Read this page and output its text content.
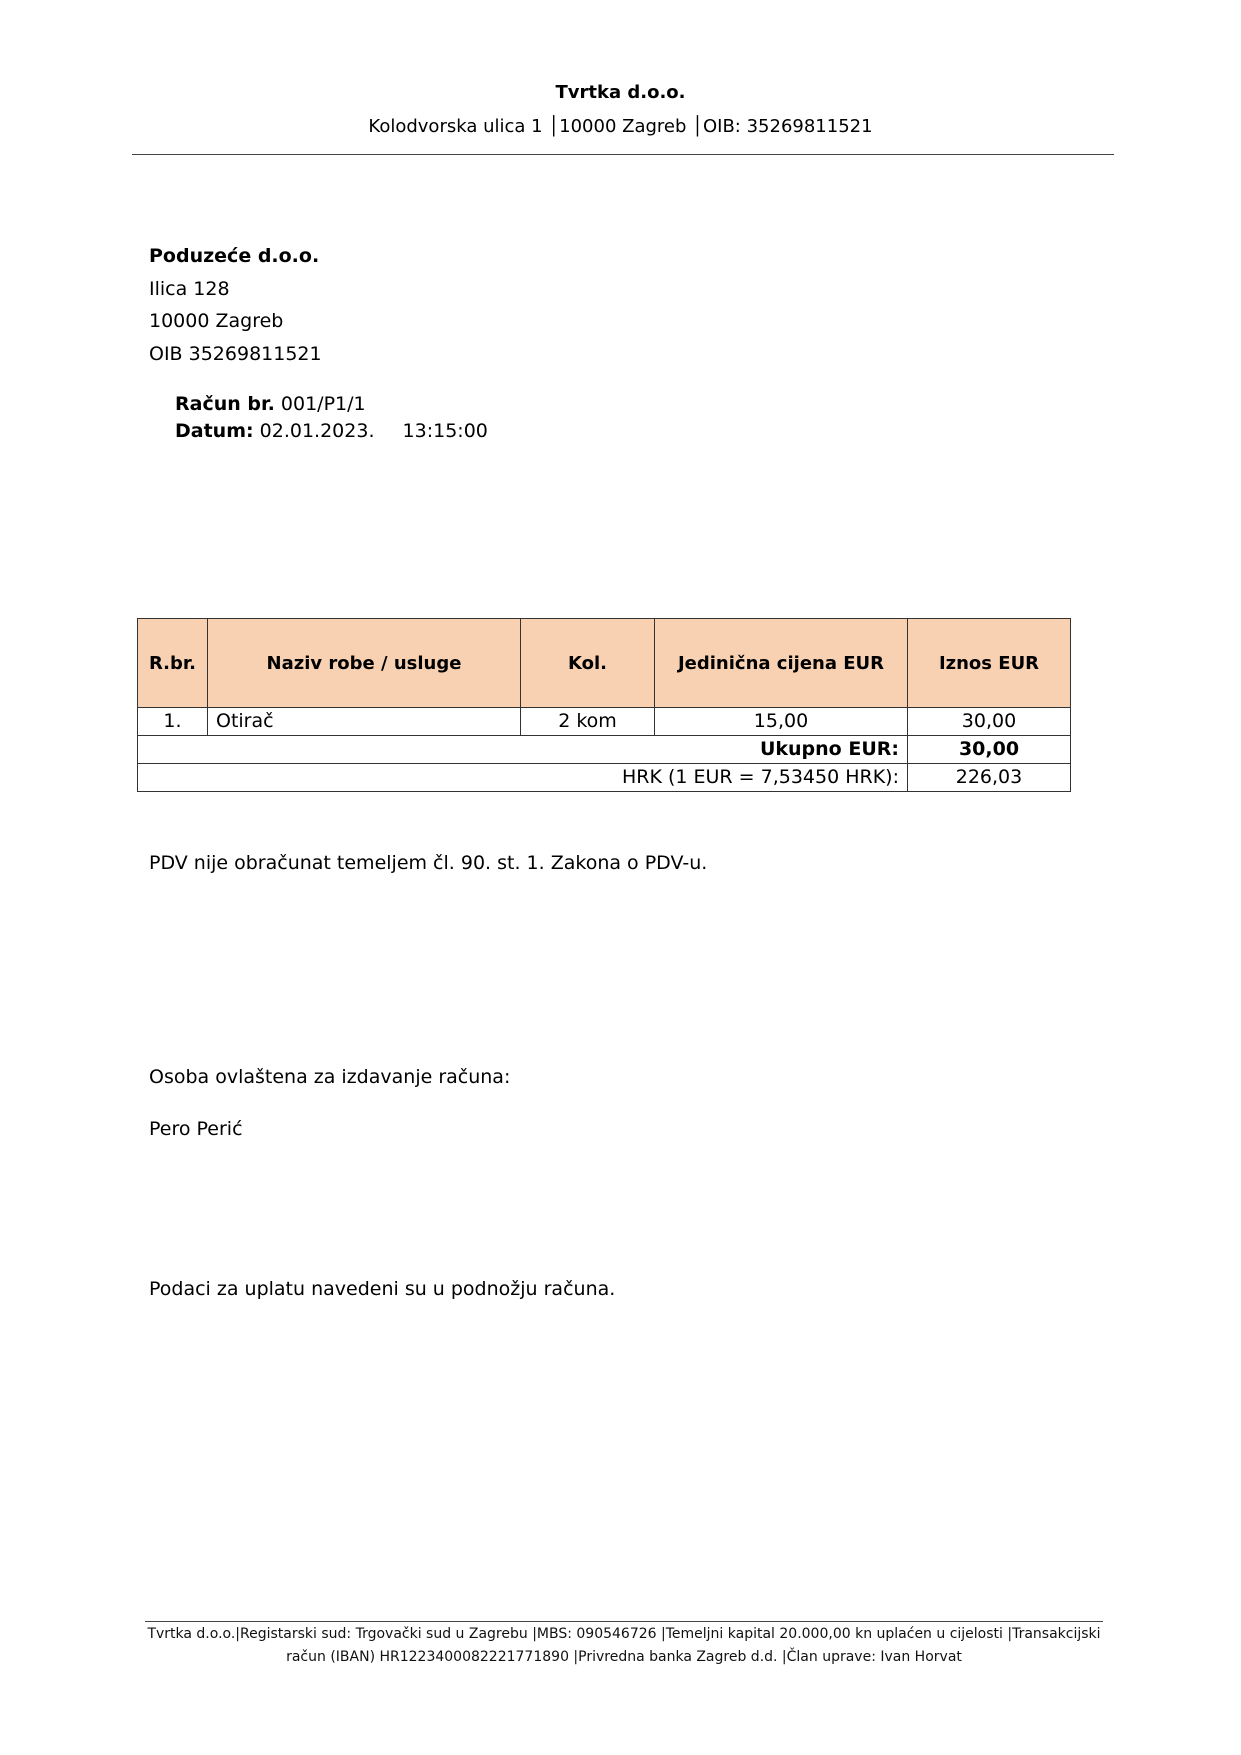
Tvrtka d.o.o.
Kolodvorska ulica 1 │10000 Zagreb │OIB: 35269811521
Poduzeće d.o.o.
Ilica 128
10000 Zagreb
OIB 35269811521
Račun br. 001/P1/1
Datum: 02.01.2023. 13:15:00
R.br.	Naziv robe / usluge	Kol.	Jedinična cijena EUR	Iznos EUR
1.	Otirač	2 kom	15,00	30,00
Ukupno EUR:				30,00
HRK (1 EUR = 7,53450 HRK):				226,03
PDV nije obračunat temeljem čl. 90. st. 1. Zakona o PDV-u.
Osoba ovlaštena za izdavanje računa:
Pero Perić
Podaci za uplatu navedeni su u podnožju računa.
Tvrtka d.o.o.|Registarski sud: Trgovački sud u Zagrebu |MBS: 090546726 |Temeljni kapital 20.000,00 kn uplaćen u cijelosti |Transakcijski
račun (IBAN) HR1223400082221771890 |Privredna banka Zagreb d.d. |Član uprave: Ivan Horvat
